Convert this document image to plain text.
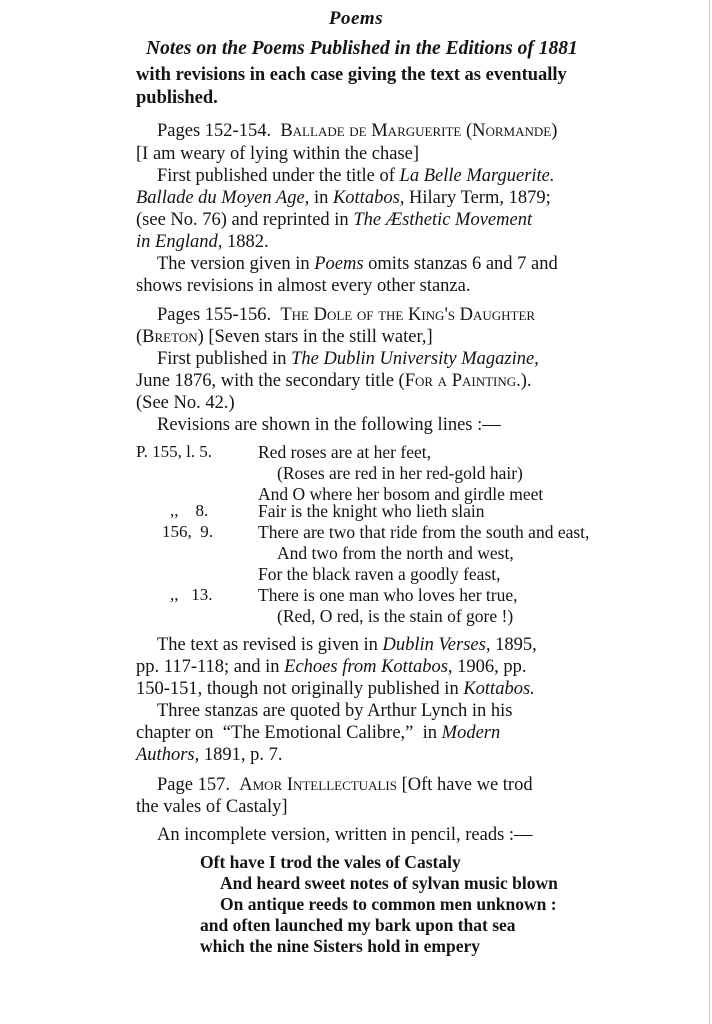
Poems
Notes on the Poems Published in the Editions of 1881
with revisions in each case giving the text as eventually
published.
Pages 152-154. Ballade de Marguerite (Normande)
[I am weary of lying within the chase]
First published under the title of La Belle Marguerite.
Ballade du Moyen Age, in Kottabos, Hilary Term, 1879;
(see No. 76) and reprinted in The Æsthetic Movement
in England, 1882.
The version given in Poems omits stanzas 6 and 7 and
shows revisions in almost every other stanza.
Pages 155-156. The Dole of the King's Daughter
(Breton) [Seven stars in the still water,]
First published in The Dublin University Magazine,
June 1876, with the secondary title (For a Painting.).
(See No. 42.)
Revisions are shown in the following lines :—
P. 155, l. 5.	Red roses are at her feet,
(Roses are red in her red-gold hair)
And O where her bosom and girdle meet
,,    8.	Fair is the knight who lieth slain
156,  9.	There are two that ride from the south and east,
And two from the north and west,
For the black raven a goodly feast,
,,   13.	There is one man who loves her true,
(Red, O red, is the stain of gore !)
The text as revised is given in Dublin Verses, 1895,
pp. 117-118; and in Echoes from Kottabos, 1906, pp.
150-151, though not originally published in Kottabos.
Three stanzas are quoted by Arthur Lynch in his
chapter on  “The Emotional Calibre,”  in Modern
Authors, 1891, p. 7.
Page 157. Amor Intellectualis [Oft have we trod
the vales of Castaly]
An incomplete version, written in pencil, reads :—
Oft have I trod the vales of Castaly
And heard sweet notes of sylvan music blown
On antique reeds to common men unknown :
and often launched my bark upon that sea
which the nine Sisters hold in empery
